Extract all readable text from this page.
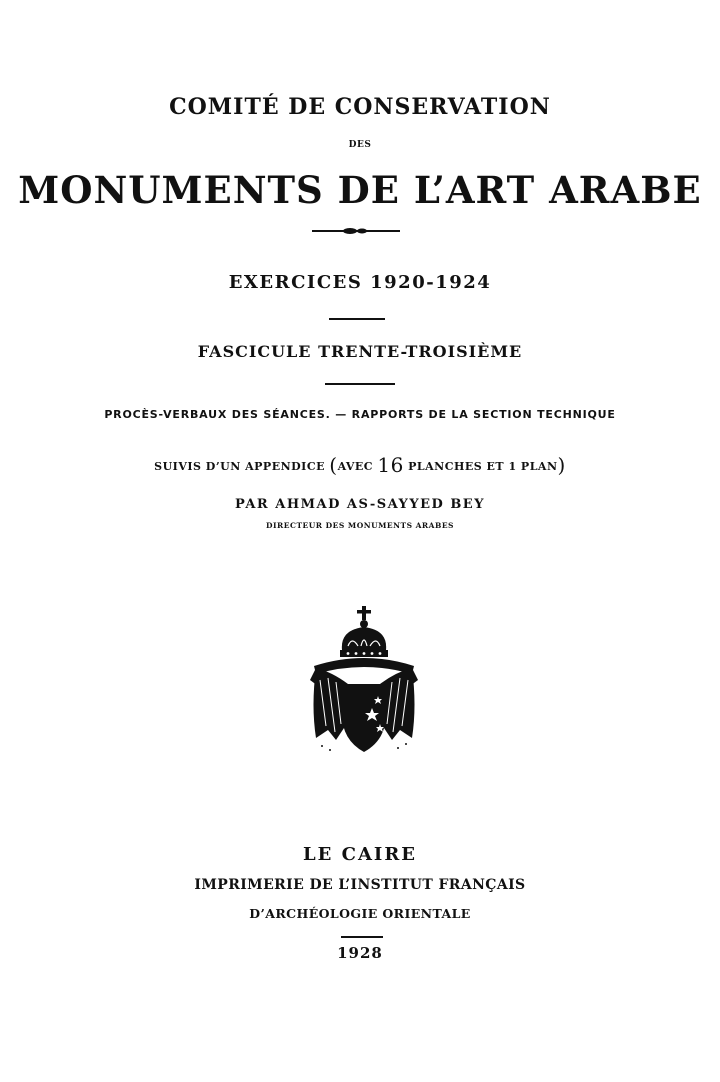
COMITÉ DE CONSERVATION
DES
MONUMENTS DE L’ART ARABE
EXERCICES 1920-1924
FASCICULE TRENTE-TROISIÈME
PROCÈS-VERBAUX DES SÉANCES. — RAPPORTS DE LA SECTION TECHNIQUE
SUIVIS D’UN APPENDICE (AVEC 16 PLANCHES ET 1 PLAN)
PAR AHMAD AS-SAYYED BEY
DIRECTEUR DES MONUMENTS ARABES
LE CAIRE
IMPRIMERIE DE L’INSTITUT FRANÇAIS
D’ARCHÉOLOGIE ORIENTALE
1928
